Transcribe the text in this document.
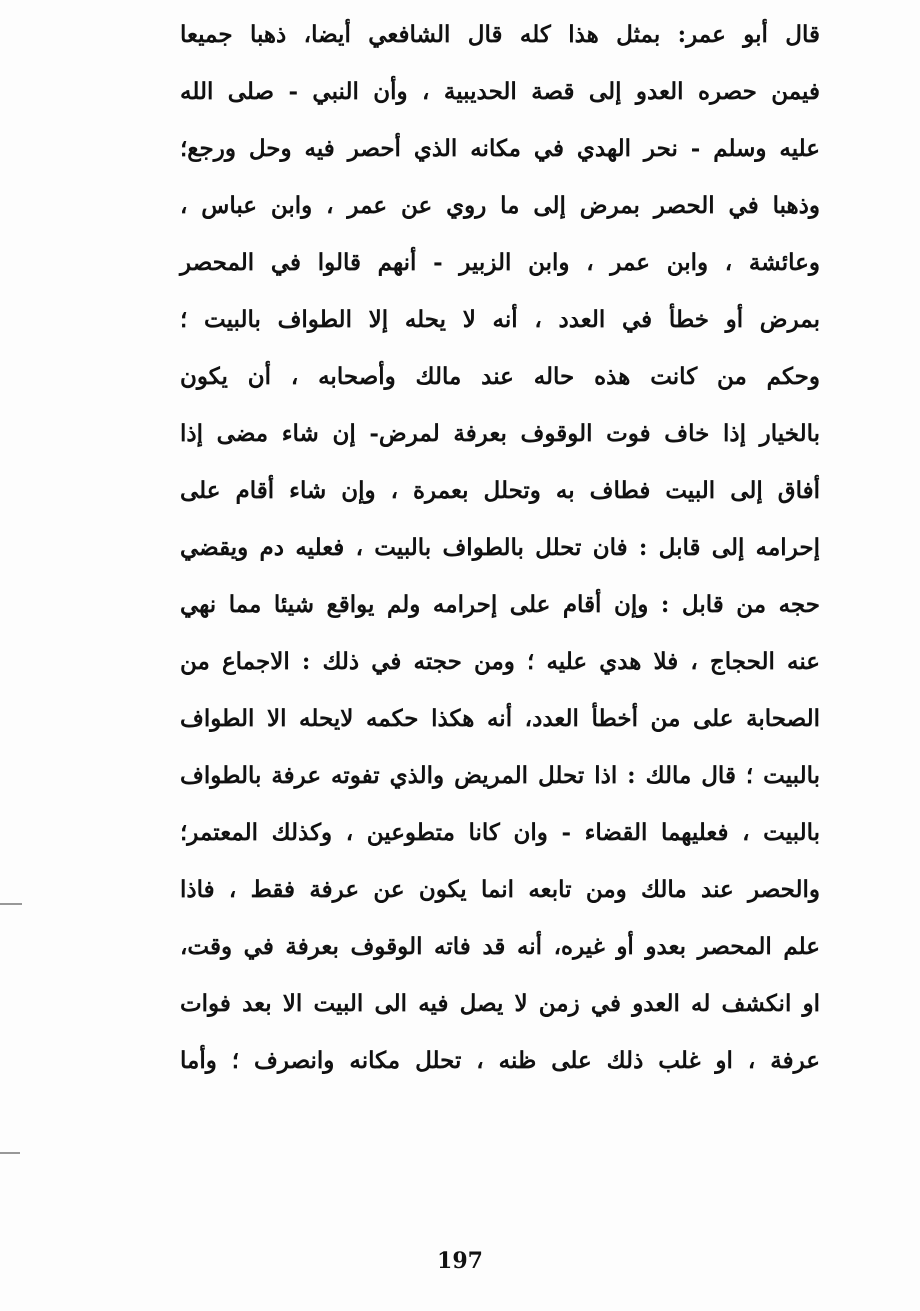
قال أبو عمر: بمثل هذا كله قال الشافعي أيضا، ذهبا جميعا
فيمن حصره العدو إلى قصة الحديبية ، وأن النبي - صلى الله
عليه وسلم - نحر الهدي في مكانه الذي أحصر فيه وحل ورجع؛
وذهبا في الحصر بمرض إلى ما روي عن عمر ، وابن عباس ،
وعائشة ، وابن عمر ، وابن الزبير - أنهم قالوا في المحصر
بمرض أو خطأ في العدد ، أنه لا يحله إلا الطواف بالبيت ؛
وحكم من كانت هذه حاله عند مالك وأصحابه ، أن يكون
بالخيار إذا خاف فوت الوقوف بعرفة لمرض- إن شاء مضى إذا
أفاق إلى البيت فطاف به وتحلل بعمرة ، وإن شاء أقام على
إحرامه إلى قابل : فان تحلل بالطواف بالبيت ، فعليه دم ويقضي
حجه من قابل : وإن أقام على إحرامه ولم يواقع شيئا مما نهي
عنه الحجاج ، فلا هدي عليه ؛ ومن حجته في ذلك : الاجماع من
الصحابة على من أخطأ العدد، أنه هكذا حكمه لايحله الا الطواف
بالبيت ؛ قال مالك : اذا تحلل المريض والذي تفوته عرفة بالطواف
بالبيت ، فعليهما القضاء - وان كانا متطوعين ، وكذلك المعتمر؛
والحصر عند مالك ومن تابعه انما يكون عن عرفة فقط ، فاذا
علم المحصر بعدو أو غيره، أنه قد فاته الوقوف بعرفة في وقت،
او انكشف له العدو في زمن لا يصل فيه الى البيت الا بعد فوات
عرفة ، او غلب ذلك على ظنه ، تحلل مكانه وانصرف ؛ وأما
197
